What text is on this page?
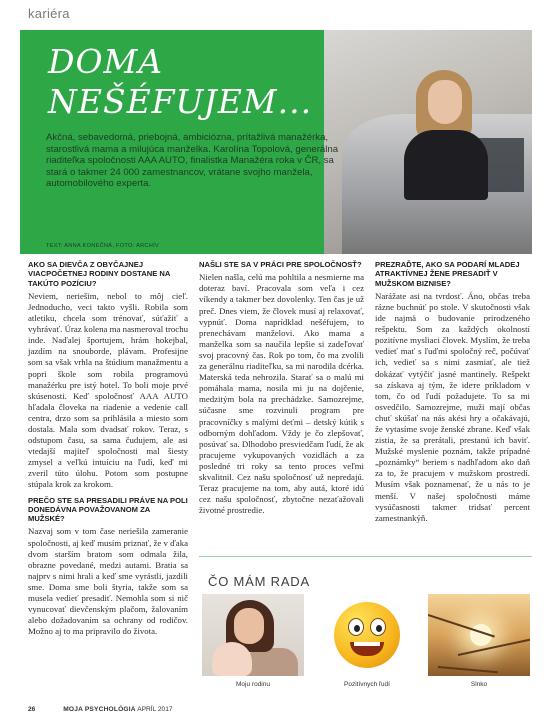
kariéra
DOMA
NEŠÉFUJEM...
Akčná, sebavedomá, priebojná, ambiciózna, prítažlivá manažérka, starostlivá mama a milujúca manželka. Karolína Topolová, generálna riaditeľka spoločnosti AAA AUTO, finalistka Manažéra roka v ČR, sa stará o takmer 24 000 zamestnancov, vrátane svojho manžela, automobilového experta.
TEXT: ANNA KONEČNÁ, FOTO: ARCHÍV
AKO SA DIEVČA Z OBYČAJNEJ VIACPOČETNEJ RODINY DOSTANE NA TAKÚTO POZÍCIU?

Neviem, neriešim, nebol to môj cieľ. Jednoducho, veci takto vyšli. Robila som atletiku, chcela som trénovať, súťažiť a vyhrávať. Úraz kolena ma nasmeroval trochu inde. Naďalej športujem, hrám hokejbal, jazdím na snoubordе, plávam. Profesijne som sa však vrhla na štúdium manažmentu a popri škole som robila programovú manažérku pre istý hotel. To boli moje prvé skúsenosti. Keď spoločnosť AAA AUTO hľadala človeka na riadenie a vedenie call centra, drzo som sa prihlásila a miesto som dostala. Mala som dvadsať rokov. Teraz, s odstupom času, sa sama čudujem, ale asi vtedajší majiteľ spoločnosti mal šiesty zmysel a veľkú intuíciu na ľudí, keď mi zveril túto úlohu. Potom som postupne stúpala krok za krokom.

PREČO STE SA PRESADILI PRÁVE NA POLI DONEDÁVNA POVAŽOVANOM ZA MUŽSKÉ?

Nazvaj som v tom čase neriešila zameranie spoločnosti, aj keď musím priznať, že v ďaka dvom starším bratom som odmala žila, obrazne povedané, medzi autami. Bratia sa najprv s nimi hrali a keď sme vyrástli, jazdili sme. Doma sme boli štyria, takže som sa musela vedieť presadiť. Nemohla som si nič vynucovať dievčenským plačom, žalovaním alebo dožadovaním sa ochrany od rodičov. Možno aj to ma pripravilo do života.

NAŠLI STE SA V PRÁCI PRE SPOLOČNOSŤ?

Nielen našla, celú ma pohltila a nesmierne ma doteraz baví. Pracovala som veľa i cez víkendy a takmer bez dovolenky. Ten čas je už preč. Dnes viem, že človek musí aj relaxovať, vypnúť. Doma naprídklad nešéfujem, to prenechávam manželovi. Ako mama a manželka som sa naučila lepšie si zadeľovať svoj pracovný čas. Rok po tom, čo ma zvolili za generálnu riaditeľku, sa mi narodila dcérka. Materská teda nehrozila. Starať sa o malú mi pomáhala mama, nosila mi ju na dojčenie, medzitým bola na prechádzke. Samozrejme, súčasne sme rozvinuli program pre pracovníčky s malými deťmi – detský kútik s odborným dohľadom. Vždy je čo zlepšovať, posúvať sa. Dlhodobo presviedčam ľudí, že ak pracujeme vykupovaných vozidlách a za posledné tri roky sa tento proces veľmi skvalitnil. Cez našu spoločnosť už nepredajú. Teraz pracujeme na tom, aby autá, ktoré idú cez našu spoločnosť, zbytočne nezaťažovali životné prostredie.

PREZRAĎTE, AKO SA PODARÍ MLADEJ ATRAKTÍVNEJ ŽENE PRESADIŤ V MUŽSKOM BIZNISE?

Narážate asi na tvrdosť. Áno, občas treba rázne buchnúť po stole. V skutočnosti však ide najmä o budovanie prirodzeného rešpektu. Som za každých okolností pozitívne mysliaci človek. Myslím, že treba vedieť mať s ľuďmi spoločný reč, počúvať ich, vedieť sa s nimi zasmiať, ale tiež dokázať vytýčiť jasné mantinely. Rešpekt sa získava aj tým, že ideте príkladom v tom, čo od ľudí požadujete. To sa mi osvedčilo. Samozrejme, muži mají občas chuť skúšať na nás akési hry a očakávajú, že vytasíme svoje ženské zbrane. Keď však zistia, že sa prerátali, prestanú ich baviť. Mužské myslenie poznám, takže prípadné „poznámky“ beriem s nadhľadom ako daň za to, že pracujem v mužskom prostredí. Musím však poznamenať, že u nás to je menší. V našej spoločnosti máme vysúčasnosti takmer tridsať percent zamestnankýň.

ČO MÁM RADA
Moju rodinu	Pozitívnych ľudí	Slnko
26	MOJA PSYCHOLÓGIA APRÍL 2017
